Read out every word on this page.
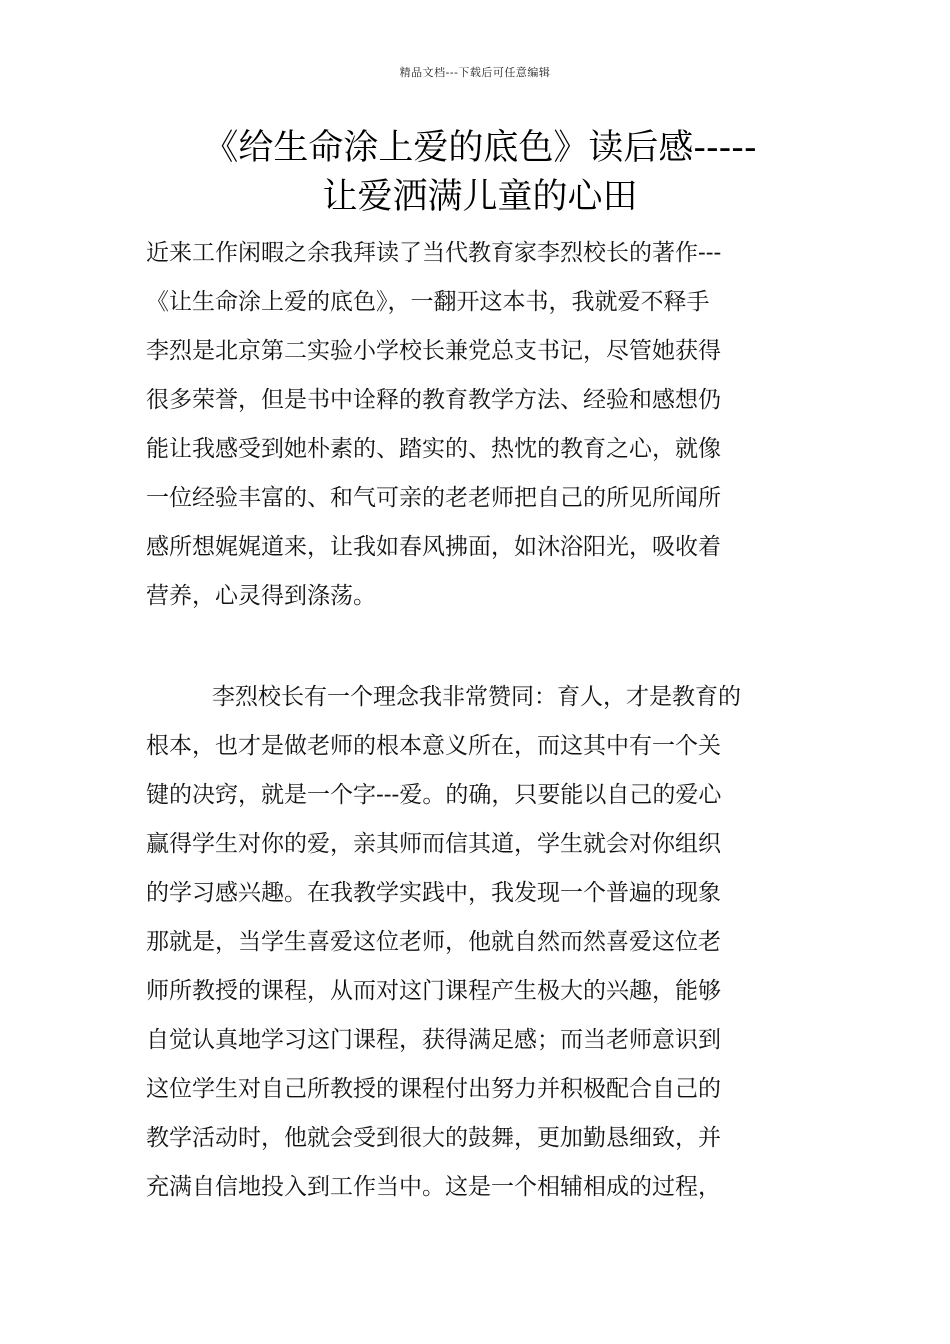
精品文档---下载后可任意编辑
《给生命涂上爱的底色》读后感-----
让爱洒满儿童的心田
近来工作闲暇之余我拜读了当代教育家李烈校长的著作---
《让生命涂上爱的底色》，一翻开这本书，我就爱不释手
李烈是北京第二实验小学校长兼党总支书记，尽管她获得
很多荣誉，但是书中诠释的教育教学方法、经验和感想仍
能让我感受到她朴素的、踏实的、热忱的教育之心，就像
一位经验丰富的、和气可亲的老老师把自己的所见所闻所
感所想娓娓道来，让我如春风拂面，如沐浴阳光，吸收着
营养，心灵得到涤荡。
李烈校长有一个理念我非常赞同：育人，才是教育的
根本，也才是做老师的根本意义所在，而这其中有一个关
键的决窍，就是一个字---爱。的确，只要能以自己的爱心
赢得学生对你的爱，亲其师而信其道，学生就会对你组织
的学习感兴趣。在我教学实践中，我发现一个普遍的现象
那就是，当学生喜爱这位老师，他就自然而然喜爱这位老
师所教授的课程，从而对这门课程产生极大的兴趣，能够
自觉认真地学习这门课程，获得满足感；而当老师意识到
这位学生对自己所教授的课程付出努力并积极配合自己的
教学活动时，他就会受到很大的鼓舞，更加勤恳细致，并
充满自信地投入到工作当中。这是一个相辅相成的过程，
